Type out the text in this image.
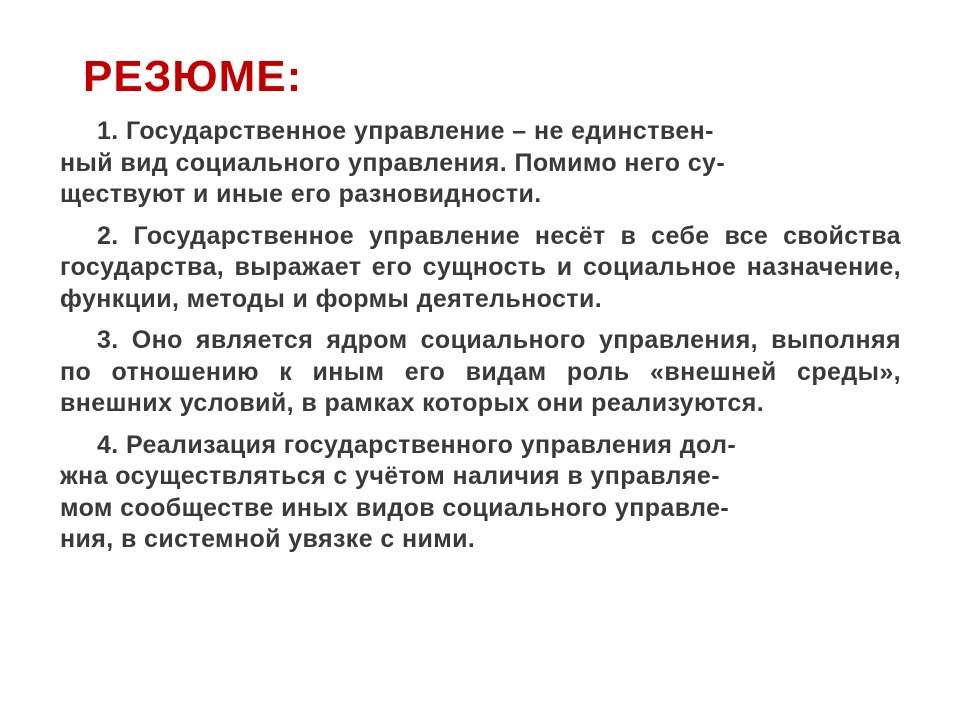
РЕЗЮМЕ:

1. Государственное управление – не единствен-
ный вид социального управления. Помимо него су-
ществуют и иные его разновидности.

2. Государственное управление несёт в себе все свойства государства, выражает его сущность и социальное назначение, функции, методы и формы деятельности.

3. Оно является ядром социального управления, выполняя по отношению к иным его видам роль «внешней среды», внешних условий, в рамках которых они реализуются.

4. Реализация государственного управления дол-
жна осуществляться с учётом наличия в управляе-
мом сообществе иных видов социального управле-
ния, в системной увязке с ними.
